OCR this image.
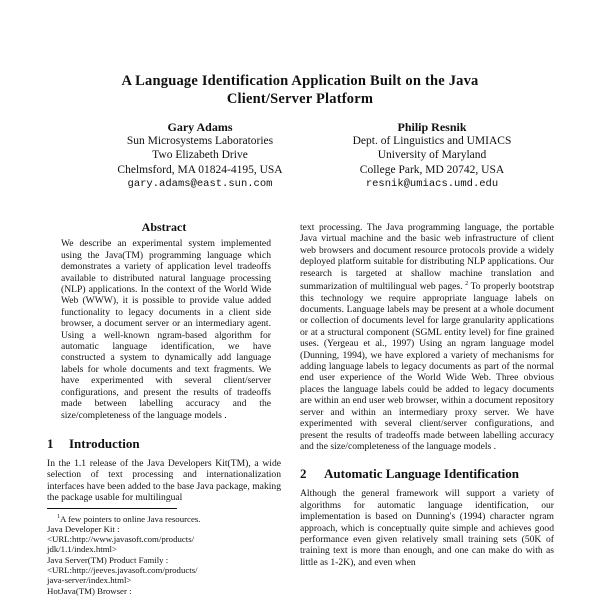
A Language Identification Application Built on the Java
Client/Server Platform
Gary Adams
Sun Microsystems Laboratories
Two Elizabeth Drive
Chelmsford, MA 01824-4195, USA
gary.adams@east.sun.com
Philip Resnik
Dept. of Linguistics and UMIACS
University of Maryland
College Park, MD 20742, USA
resnik@umiacs.umd.edu
Abstract

We describe an experimental system implemented using the Java(TM) programming language which demonstrates a variety of application level tradeoffs available to distributed natural language processing (NLP) applications. In the context of the World Wide Web (WWW), it is possible to provide value added functionality to legacy documents in a client side browser, a document server or an intermediary agent. Using a well-known ngram-based algorithm for automatic language identification, we have constructed a system to dynamically add language labels for whole documents and text fragments. We have experimented with several client/server configurations, and present the results of tradeoffs made between labelling accuracy and the size/completeness of the language models .

1 Introduction

In the 1.1 release of the Java Developers Kit(TM), a wide selection of text processing and internationalization interfaces have been added to the base Java package, making the package usable for multilingual

$^1$A few pointers to online Java resources.
Java Developer Kit :
<URL:http://www.javasoft.com/products/
jdk/1.1/index.html>
Java Server(TM) Product Family :
<URL:http://jeeves.javasoft.com/products/
java-server/index.html>
HotJava(TM) Browser :

text processing. The Java programming language, the portable Java virtual machine and the basic web infrastructure of client web browsers and document resource protocols provide a widely deployed platform suitable for distributing NLP applications. Our research is targeted at shallow machine translation and summarization of multilingual web pages. $^2$ To properly bootstrap this technology we require appropriate language labels on documents. Language labels may be present at a whole document or collection of documents level for large granularity applications or at a structural component (SGML entity level) for fine grained uses. (Yergeau et al., 1997) Using an ngram language model (Dunning, 1994), we have explored a variety of mechanisms for adding language labels to legacy documents as part of the normal end user experience of the World Wide Web. Three obvious places the language labels could be added to legacy documents are within an end user web browser, within a document repository server and within an intermediary proxy server. We have experimented with several client/server configurations, and present the results of tradeoffs made between labelling accuracy and the size/completeness of the language models .

2 Automatic Language Identification

Although the general framework will support a variety of algorithms for automatic language identification, our implementation is based on Dunning's (1994) character ngram approach, which is conceptually quite simple and achieves good performance even given relatively small training sets (50K of training text is more than enough, and one can make do with as little as 1-2K), and even when
